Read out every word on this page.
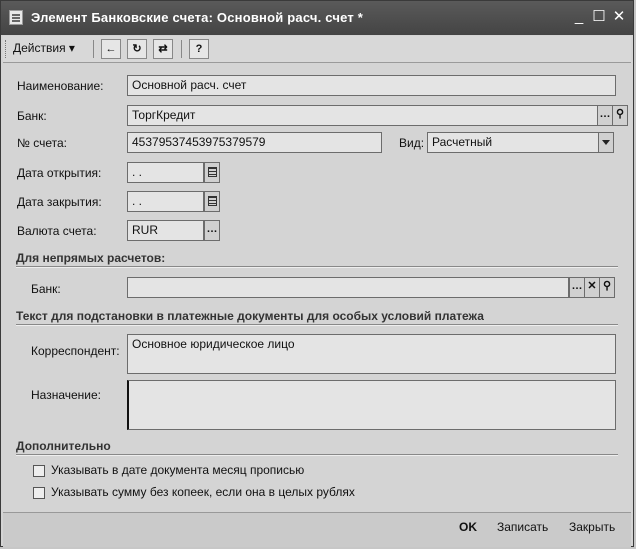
Элемент Банковские счета: Основной расч. счет *	_ ☐ ✕
Действия ▾	←	↻	⇄	?
Наименование:	Основной расч. счет
Банк:	ТоргКредит	… ⚲
№ счета:	45379537453975379579	Вид: Расчетный
Дата открытия:	. .
Дата закрытия:	. .
Валюта счета:	RUR	…
Для непрямых расчетов:
Банк:	… ✕ ⚲
Текст для подстановки в платежные документы для особых условий платежа
Корреспондент:	Основное юридическое лицо
Назначение:
Дополнительно
Указывать в дате документа месяц прописью
Указывать сумму без копеек, если она в целых рублях
OK Записать Закрыть
